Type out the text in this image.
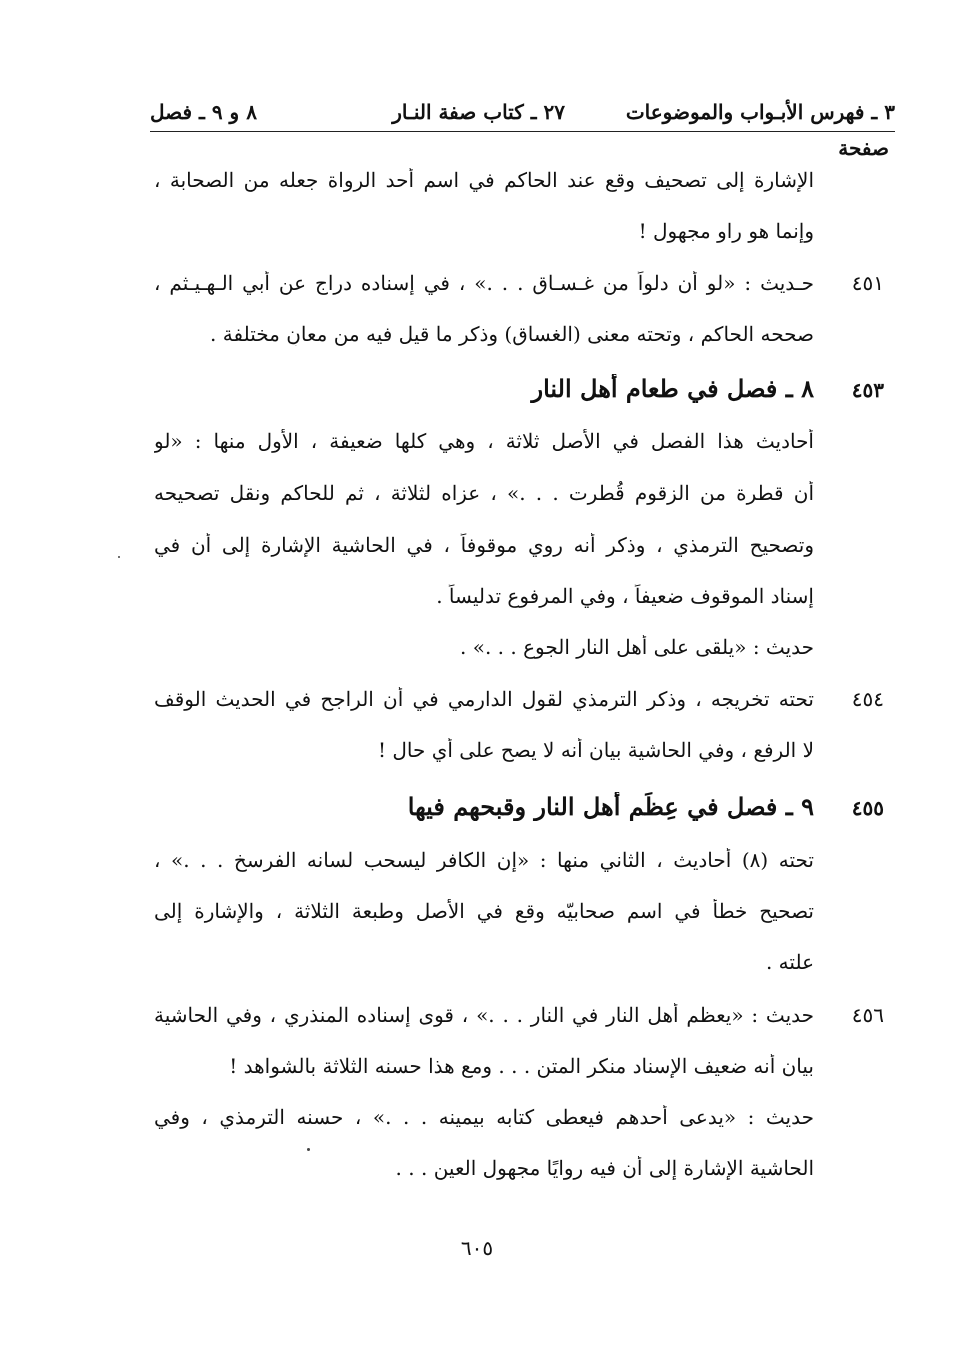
٣ ـ فهرس الأبـواب والموضوعات
٢٧ ـ كتاب صفة النـار
٨ و ٩ ـ فصل
صفحة
الإشارة إلى تصحيف وقع عند الحاكم في اسم أحد الرواة جعله من الصحابة ،
وإنما هو راوٍ مجهول !
٤٥١
حـديث : «لو أن دلواً من غـسـاق . . .» ، في إسناده دراج عن أبي الـهـيـثم ،
صححه الحاكم ، وتحته معنى (الغساق) وذكر ما قيل فيه من معانٍ مختلفة .
٤٥٣
٨ ـ فصل في طعام أهل النار
أحاديث هذا الفصل في الأصل ثلاثة ، وهي كلها ضعيفة ، الأول منها : «لو
أن قطرة من الزقوم قُطرت . . .» ، عزاه لثلاثة ، ثم للحاكم ونقل تصحيحه
وتصحيح الترمذي ، وذكر أنه روي موقوفاً ، في الحاشية الإشارة إلى أن في
إسناد الموقوف ضعيفاً ، وفي المرفوع تدليساً .
حديث : «يلقى على أهل النار الجوع . . .» .
٤٥٤
تحته تخريجه ، وذكر الترمذي لقول الدارمي في أن الراجح في الحديث الوقف
لا الرفع ، وفي الحاشية بيان أنه لا يصح على أي حال !
٤٥٥
٩ ـ فصل في عِظَم أهل النار وقبحهم فيها
تحته (٨) أحاديث ، الثاني منها : «إن الكافر ليسحب لسانه الفرسخ . . .» ،
تصحيح خطأ في اسم صحابيّه وقع في الأصل وطبعة الثلاثة ، والإشارة إلى
علته .
٤٥٦
حديث : «يعظم أهل النار في النار . . .» ، قوى إسناده المنذري ، وفي الحاشية
بيان أنه ضعيف الإسناد منكر المتن . . . ومع هذا حسنه الثلاثة بالشواهد !
حديث : «يدعى أحدهم فيعطى كتابه بيمينه . . .» ، حسنه الترمذي ، وفي
الحاشية الإشارة إلى أن فيه روايًا مجهول العين . . .
٦٠٥
